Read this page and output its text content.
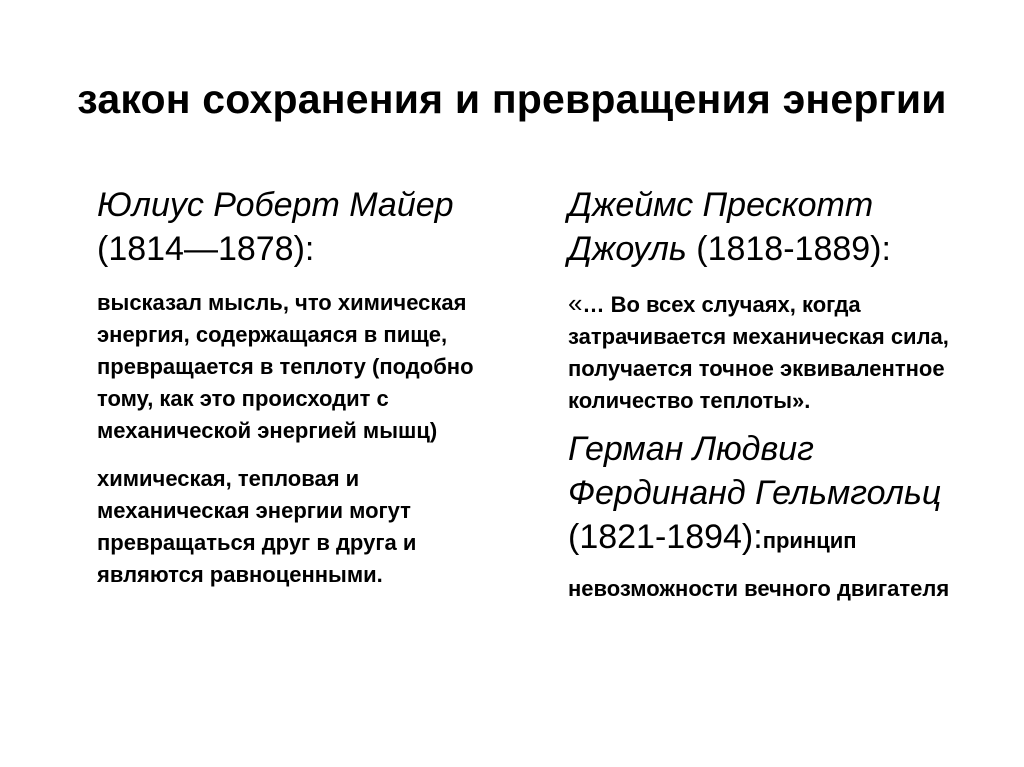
закон сохранения и превращения энергии

Юлиус Роберт Майер
(1814—1878):

высказал мысль, что химическая энергия, содержащаяся в пище, превращается в теплоту (подобно тому, как это происходит с механической энергией мышц)

химическая, тепловая и механическая энергии могут превращаться друг в друга и являются равноценными.

Джеймс Прескотт
Джоуль (1818-1889):

«… Во всех случаях, когда затрачивается механическая сила, получается точное эквивалентное количество теплоты».

Герман Людвиг Фердинанд Гельмгольц (1821-1894):принцип невозможности вечного двигателя
